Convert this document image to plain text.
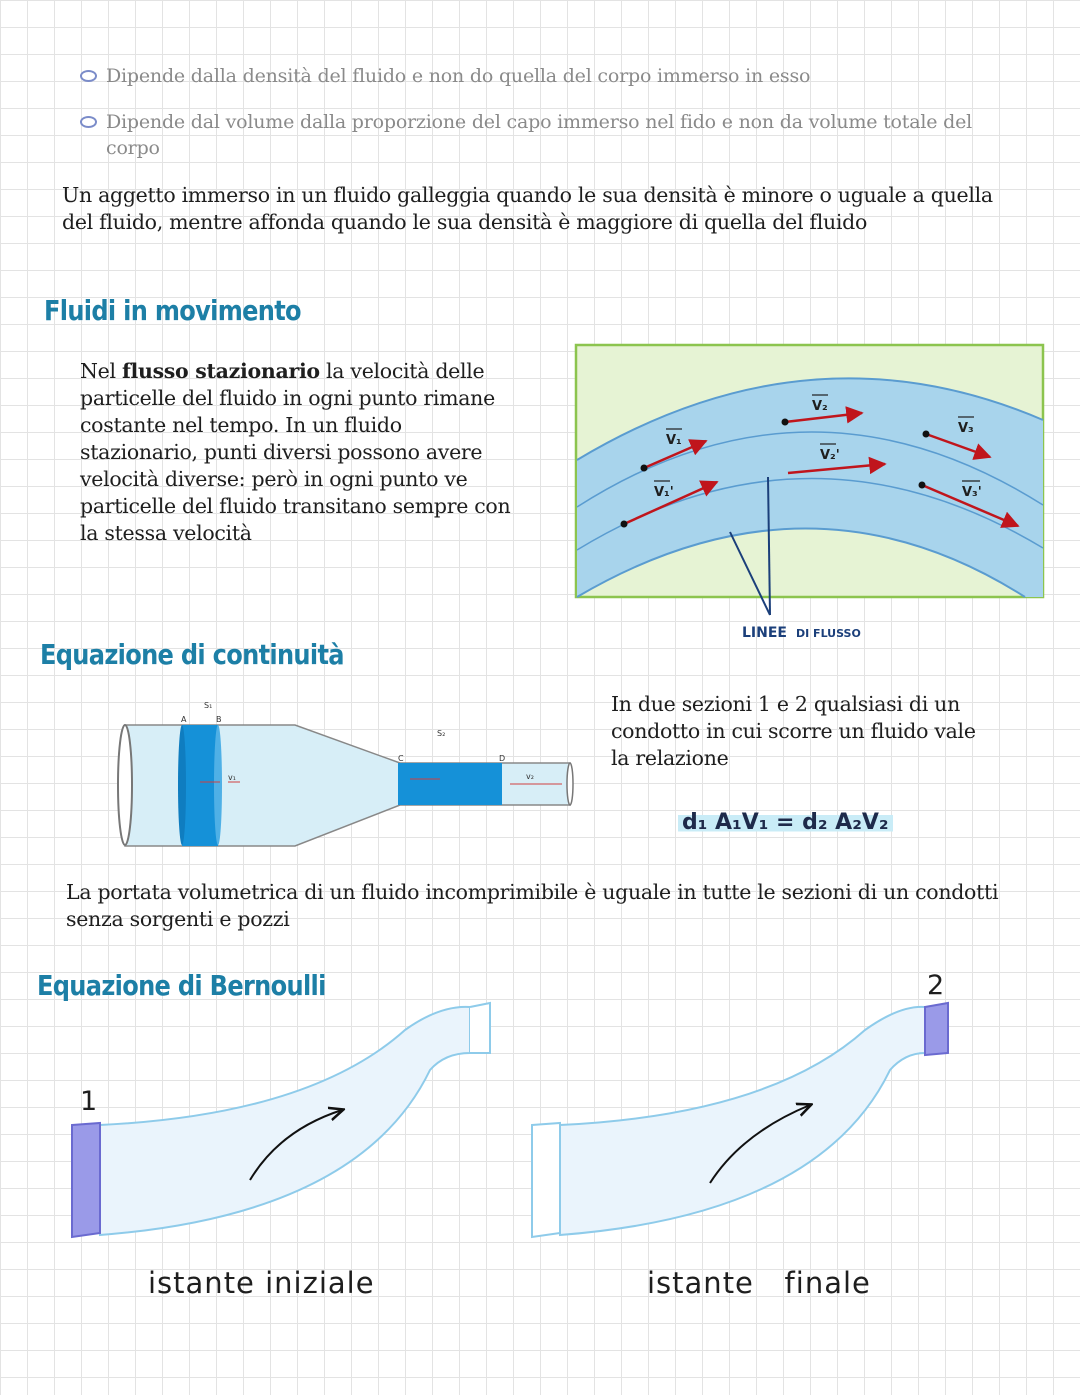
Dipende dalla densità del fluido e non do quella del corpo immerso in esso
Dipende dal volume dalla proporzione del capo immerso nel fido e non da volume totale del corpo
Un aggetto immerso in un fluido galleggia quando le sua densità è minore o uguale a quella del fluido, mentre affonda quando le sua densità è maggiore di quella del fluido
Fluidi in movimento
Nel flusso stazionario la velocità delle particelle del fluido in ogni punto rimane costante nel tempo. In un fluido stazionario, punti diversi possono avere velocità diverse: però in ogni punto ve particelle del fluido transitano sempre con la stessa velocità
V₁
V₂
V₃
V₁'
V₂'
V₃'
LINEE DI FLUSSO
Equazione di continuità
S₁
A	B
S₂
C	D
v₁	v₂
In due sezioni 1 e 2 qualsiasi di un condotto in cui scorre un fluido vale la relazione
d₁ A₁V₁ = d₂ A₂V₂
La portata volumetrica di un fluido incomprimibile è uguale in tutte le sezioni di un condotti senza sorgenti e pozzi
Equazione di Bernoulli
1
2
istante iniziale	istante   finale
